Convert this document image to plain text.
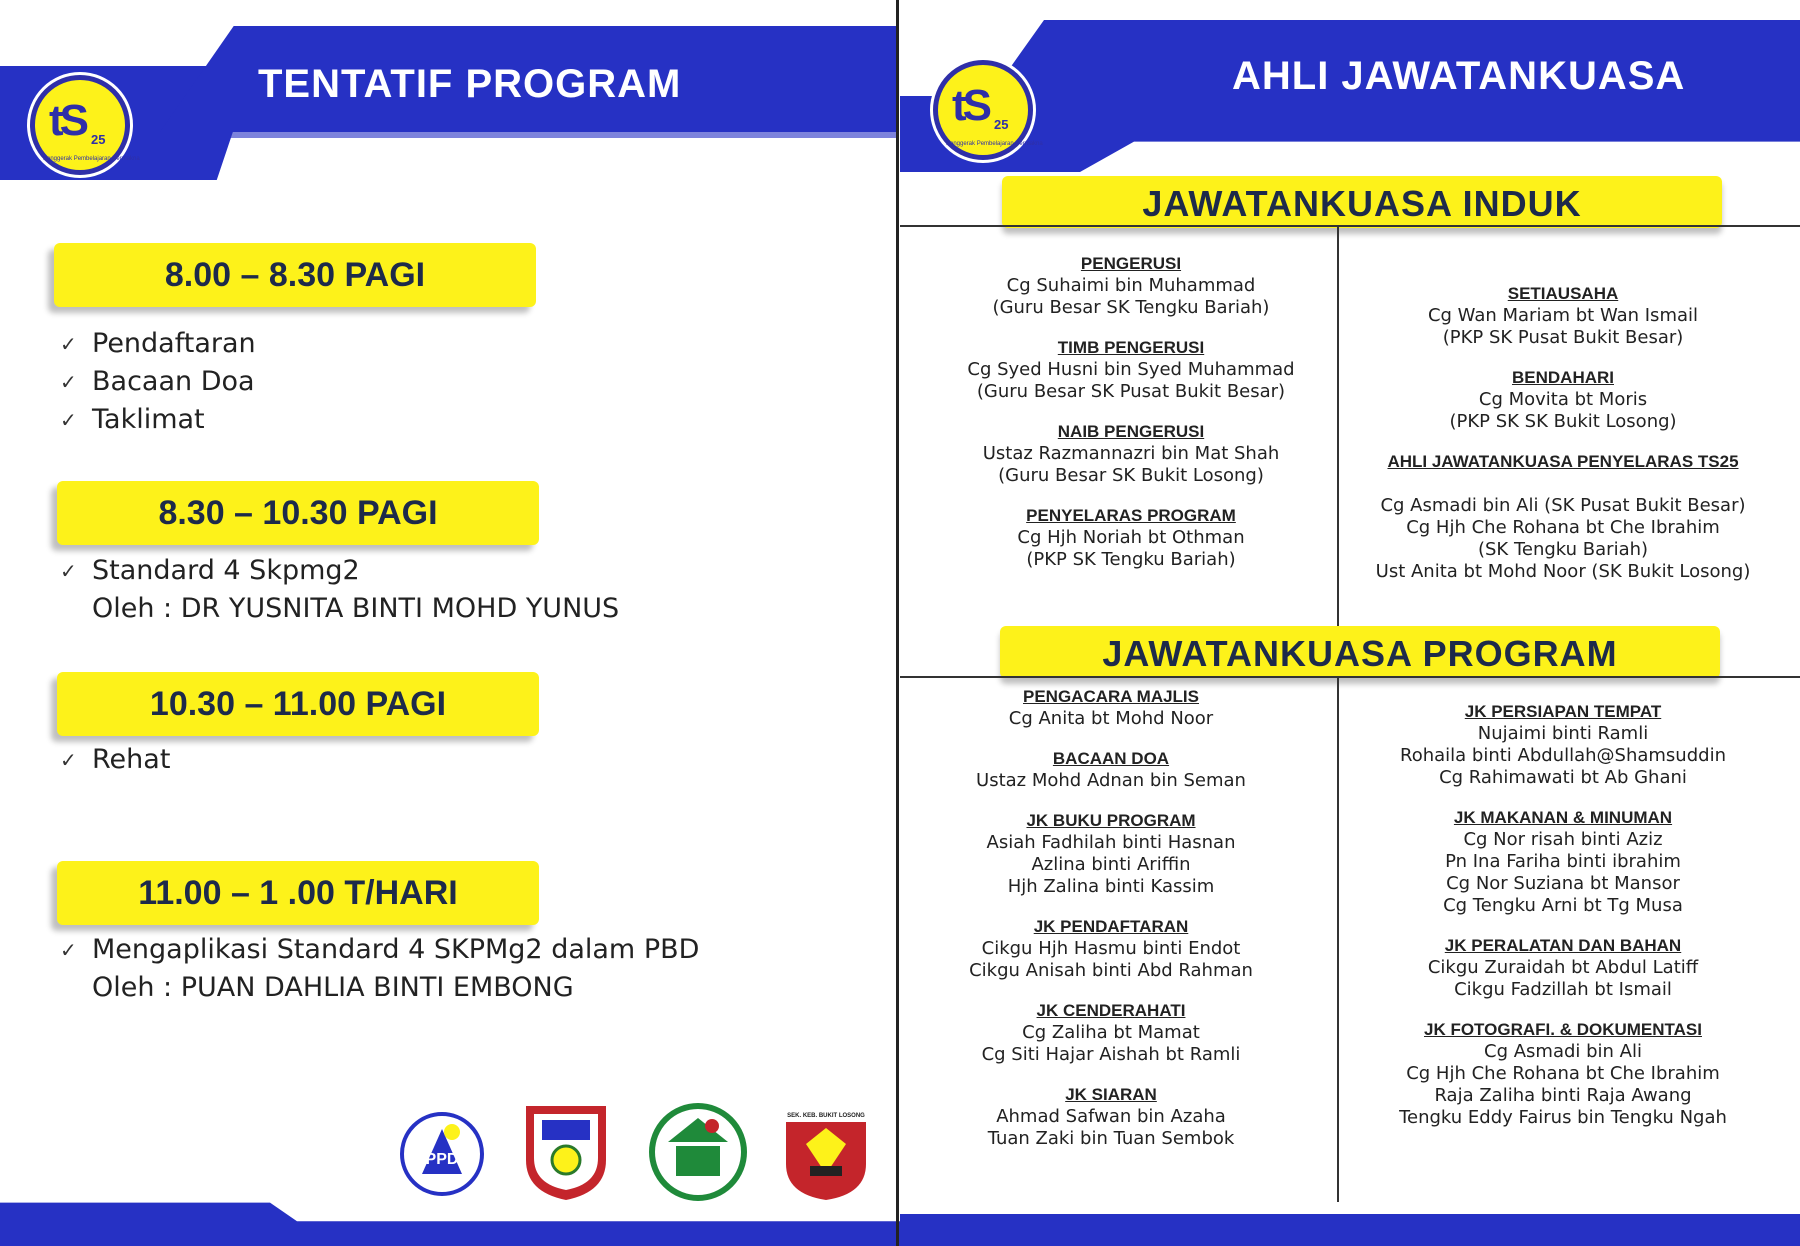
TENTATIF PROGRAM
tS 25
Penggerak Pembelajaran Bermakna
8.00 – 8.30 PAGI
✓ Pendaftaran
✓ Bacaan Doa
✓ Taklimat
8.30 – 10.30 PAGI
✓ Standard 4 Skpmg2
Oleh : DR YUSNITA BINTI MOHD YUNUS
10.30 – 11.00 PAGI
✓ Rehat
11.00 – 1 .00 T/HARI
✓ Mengaplikasi Standard 4 SKPMg2 dalam PBD
Oleh : PUAN DAHLIA BINTI EMBONG
PPD
SEK. KEB. BUKIT LOSONG
AHLI JAWATANKUASA
tS 25
Penggerak Pembelajaran Bermakna
JAWATANKUASA INDUK
PENGERUSI
Cg Suhaimi bin Muhammad
(Guru Besar SK Tengku Bariah)
TIMB PENGERUSI
Cg Syed Husni bin Syed Muhammad
(Guru Besar SK Pusat Bukit Besar)
NAIB PENGERUSI
Ustaz Razmannazri bin Mat Shah
(Guru Besar SK Bukit Losong)
PENYELARAS PROGRAM
Cg Hjh Noriah bt Othman
(PKP SK Tengku Bariah)
SETIAUSAHA
Cg Wan Mariam bt Wan Ismail
(PKP SK Pusat Bukit Besar)
BENDAHARI
Cg Movita bt Moris
(PKP SK SK Bukit Losong)
AHLI JAWATANKUASA PENYELARAS TS25
Cg Asmadi bin Ali (SK Pusat Bukit Besar)
Cg Hjh Che Rohana bt Che Ibrahim
(SK Tengku Bariah)
Ust Anita bt Mohd Noor (SK Bukit Losong)
JAWATANKUASA PROGRAM
PENGACARA MAJLIS
Cg Anita bt Mohd Noor
BACAAN DOA
Ustaz Mohd Adnan bin Seman
JK BUKU PROGRAM
Asiah Fadhilah binti Hasnan
Azlina binti Ariffin
Hjh Zalina binti Kassim
JK PENDAFTARAN
Cikgu Hjh Hasmu binti Endot
Cikgu Anisah binti Abd Rahman
JK CENDERAHATI
Cg Zaliha bt Mamat
Cg Siti Hajar Aishah bt Ramli
JK SIARAN
Ahmad Safwan bin Azaha
Tuan Zaki bin Tuan Sembok
JK PERSIAPAN TEMPAT
Nujaimi binti Ramli
Rohaila binti Abdullah@Shamsuddin
Cg Rahimawati bt Ab Ghani
JK MAKANAN & MINUMAN
Cg Nor risah binti Aziz
Pn Ina Fariha binti ibrahim
Cg Nor Suziana bt Mansor
Cg Tengku Arni bt Tg Musa
JK PERALATAN DAN BAHAN
Cikgu Zuraidah bt Abdul Latiff
Cikgu Fadzillah bt Ismail
JK FOTOGRAFI. & DOKUMENTASI
Cg Asmadi bin Ali
Cg Hjh Che Rohana bt Che Ibrahim
Raja Zaliha binti Raja Awang
Tengku Eddy Fairus bin Tengku Ngah
